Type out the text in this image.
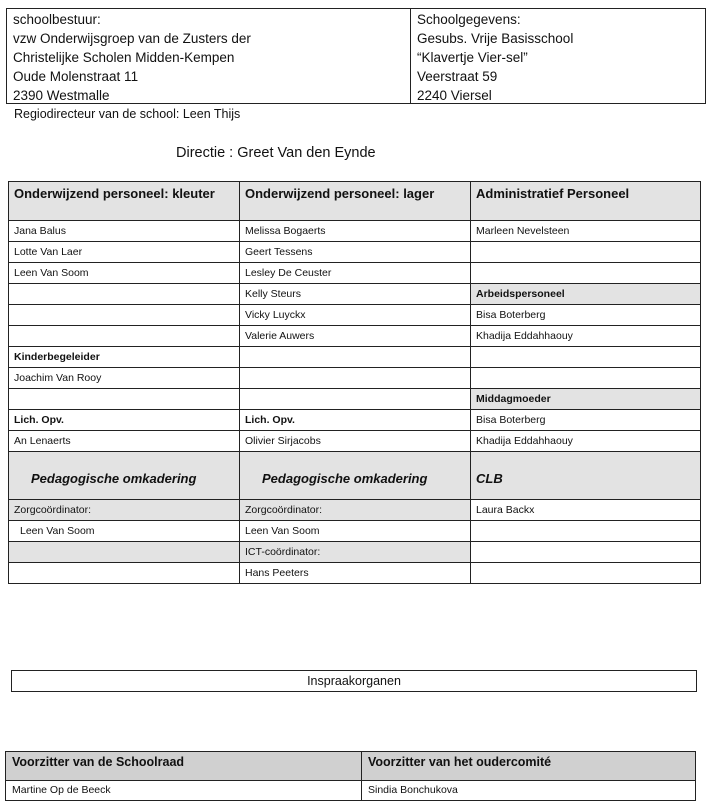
schoolbestuur:
vzw Onderwijsgroep van de Zusters der
Christelijke Scholen Midden-Kempen
Oude Molenstraat 11
2390 Westmalle
Schoolgegevens:
Gesubs. Vrije Basisschool
“Klavertje Vier-sel”
Veerstraat 59
2240 Viersel
Regiodirecteur van de school: Leen Thijs
Directie : Greet Van den Eynde
Onderwijzend personeel: kleuter	Onderwijzend personeel: lager	Administratief Personeel
Jana Balus	Melissa Bogaerts	Marleen Nevelsteen
Lotte Van Laer	Geert Tessens	
Leen Van Soom	Lesley De Ceuster	
	Kelly Steurs	Arbeidspersoneel
	Vicky Luyckx	Bisa Boterberg
	Valerie Auwers	Khadija Eddahhaouy
Kinderbegeleider		
Joachim Van Rooy		
		Middagmoeder
Lich. Opv.	Lich. Opv.	Bisa Boterberg
An Lenaerts	Olivier Sirjacobs	Khadija Eddahhaouy
Pedagogische omkadering	Pedagogische omkadering	CLB
Zorgcoördinator:	Zorgcoördinator:	Laura Backx
Leen Van Soom	Leen Van Soom	
	ICT-coördinator:	
	Hans Peeters	
Inspraakorganen
Voorzitter van de Schoolraad	Voorzitter van het oudercomité
Martine Op de Beeck	Sindia Bonchukova
